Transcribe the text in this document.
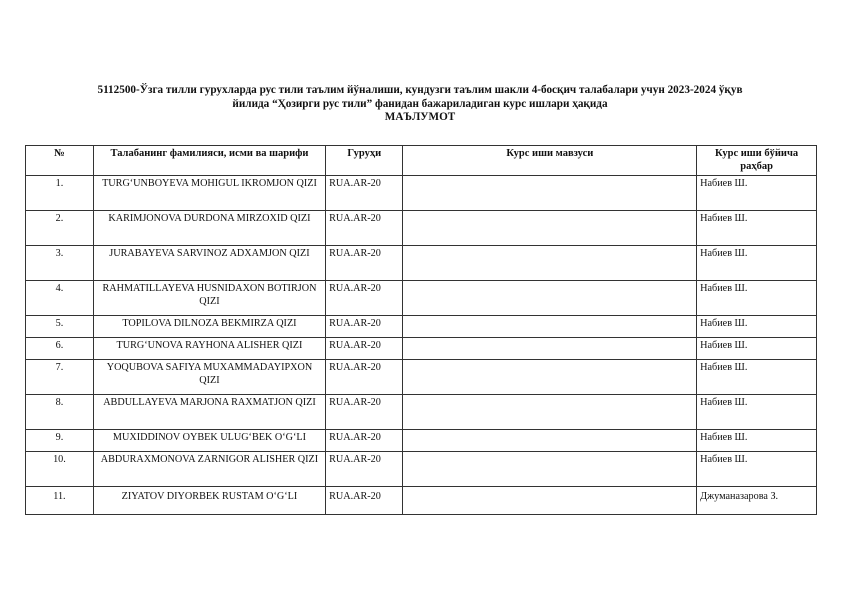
5112500-Ўзга тилли гурухларда рус тили таълим йўналиши, кундузги таълим шакли 4-босқич талабалари учун 2023-2024 ўқув
йилида “Ҳозирги рус тили” фанидан бажариладиган курс ишлари ҳақида
МАЪЛУМОТ
№	Талабанинг фамилияси, исми ва шарифи	Гуруҳи	Курс иши мавзуси	Курс иши бўйича раҳбар
1.	TURG‘UNBOYEVA MOHIGUL IKROMJON QIZI	RUA.AR-20		Набиев Ш.
2.	KARIMJONOVA DURDONA MIRZOXID QIZI	RUA.AR-20		Набиев Ш.
3.	JURABAYEVA SARVINOZ ADXAMJON QIZI	RUA.AR-20		Набиев Ш.
4.	RAHMATILLAYEVA HUSNIDAXON BOTIRJON QIZI	RUA.AR-20		Набиев Ш.
5.	TOPILOVA DILNOZA BEKMIRZA QIZI	RUA.AR-20		Набиев Ш.
6.	TURG‘UNOVA RAYHONA ALISHER QIZI	RUA.AR-20		Набиев Ш.
7.	YOQUBOVA SAFIYA MUXAMMADAYIPXON QIZI	RUA.AR-20		Набиев Ш.
8.	ABDULLAYEVA MARJONA RAXMATJON QIZI	RUA.AR-20		Набиев Ш.
9.	MUXIDDINOV OYBEK ULUG‘BEK O‘G‘LI	RUA.AR-20		Набиев Ш.
10.	ABDURAXMONOVA ZARNIGOR ALISHER QIZI	RUA.AR-20		Набиев Ш.
11.	ZIYATOV DIYORBEK RUSTAM O‘G‘LI	RUA.AR-20		Джуманазарова З.
